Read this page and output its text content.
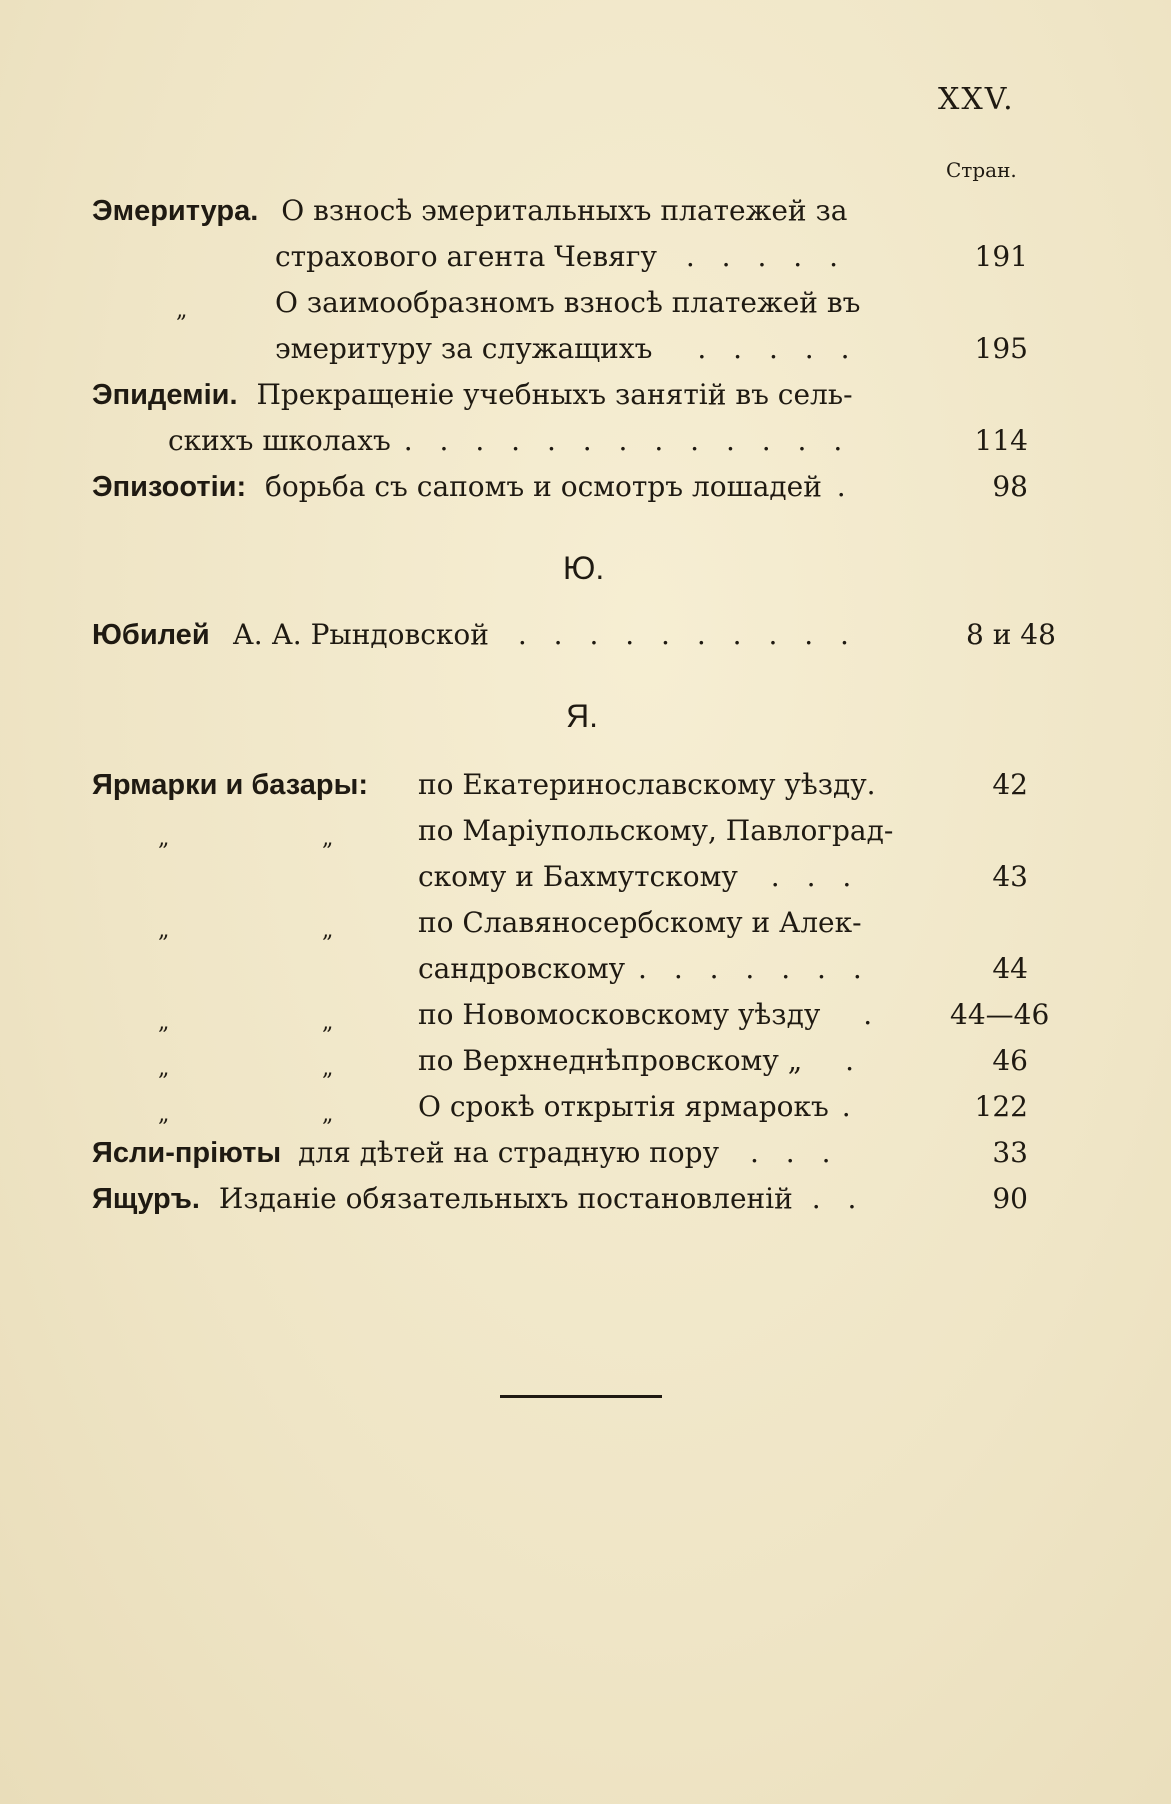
XXV.
Стран.
Эмеритура. О взносѣ эмеритальныхъ платежей за
страхового агента Чевягу . . . . .	191
„	О заимообразномъ взносѣ платежей въ
эмеритуру за служащихъ . . . . .	195
Эпидеміи. Прекращеніе учебныхъ занятій въ сель-
скихъ школахъ . . . . . . . . . . . . .	114
Эпизоотіи: борьба съ сапомъ и осмотръ лошадей .	98
Ю.
Юбилей А. А. Рындовской . . . . . . . . . .	8 и 48
Я.
Ярмарки и базары: по Екатеринославскому уѣзду.	42
„	„	по Маріупольскому, Павлоград-
скому и Бахмутскому . . .	43
„	„	по Славяносербскому и Алек-
сандровскому . . . . . . .	44
„	„	по Новомосковскому уѣзду . 44—46
„	„	по Верхнеднѣпровскому „ .	46
„	„	О срокѣ открытія ярмарокъ .	122
Ясли-пріюты для дѣтей на страдную пору . . .	33
Ящуръ. Изданіе обязательныхъ постановленій . .	90
